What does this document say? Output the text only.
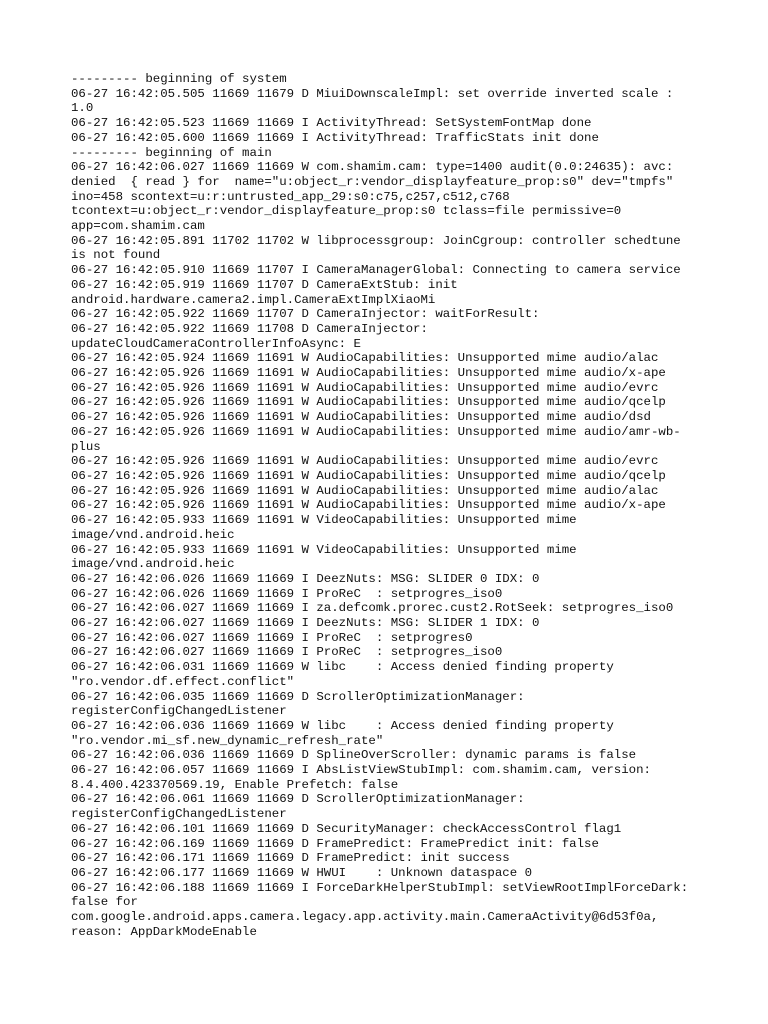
--------- beginning of system
06-27 16:42:05.505 11669 11679 D MiuiDownscaleImpl: set override inverted scale :
1.0
06-27 16:42:05.523 11669 11669 I ActivityThread: SetSystemFontMap done
06-27 16:42:05.600 11669 11669 I ActivityThread: TrafficStats init done
--------- beginning of main
06-27 16:42:06.027 11669 11669 W com.shamim.cam: type=1400 audit(0.0:24635): avc:
denied  { read } for  name="u:object_r:vendor_displayfeature_prop:s0" dev="tmpfs"
ino=458 scontext=u:r:untrusted_app_29:s0:c75,c257,c512,c768
tcontext=u:object_r:vendor_displayfeature_prop:s0 tclass=file permissive=0
app=com.shamim.cam
06-27 16:42:05.891 11702 11702 W libprocessgroup: JoinCgroup: controller schedtune
is not found
06-27 16:42:05.910 11669 11707 I CameraManagerGlobal: Connecting to camera service
06-27 16:42:05.919 11669 11707 D CameraExtStub: init
android.hardware.camera2.impl.CameraExtImplXiaoMi
06-27 16:42:05.922 11669 11707 D CameraInjector: waitForResult:
06-27 16:42:05.922 11669 11708 D CameraInjector:
updateCloudCameraControllerInfoAsync: E
06-27 16:42:05.924 11669 11691 W AudioCapabilities: Unsupported mime audio/alac
06-27 16:42:05.926 11669 11691 W AudioCapabilities: Unsupported mime audio/x-ape
06-27 16:42:05.926 11669 11691 W AudioCapabilities: Unsupported mime audio/evrc
06-27 16:42:05.926 11669 11691 W AudioCapabilities: Unsupported mime audio/qcelp
06-27 16:42:05.926 11669 11691 W AudioCapabilities: Unsupported mime audio/dsd
06-27 16:42:05.926 11669 11691 W AudioCapabilities: Unsupported mime audio/amr-wb-
plus
06-27 16:42:05.926 11669 11691 W AudioCapabilities: Unsupported mime audio/evrc
06-27 16:42:05.926 11669 11691 W AudioCapabilities: Unsupported mime audio/qcelp
06-27 16:42:05.926 11669 11691 W AudioCapabilities: Unsupported mime audio/alac
06-27 16:42:05.926 11669 11691 W AudioCapabilities: Unsupported mime audio/x-ape
06-27 16:42:05.933 11669 11691 W VideoCapabilities: Unsupported mime
image/vnd.android.heic
06-27 16:42:05.933 11669 11691 W VideoCapabilities: Unsupported mime
image/vnd.android.heic
06-27 16:42:06.026 11669 11669 I DeezNuts: MSG: SLIDER 0 IDX: 0
06-27 16:42:06.026 11669 11669 I ProReC  : setprogres_iso0
06-27 16:42:06.027 11669 11669 I za.defcomk.prorec.cust2.RotSeek: setprogres_iso0
06-27 16:42:06.027 11669 11669 I DeezNuts: MSG: SLIDER 1 IDX: 0
06-27 16:42:06.027 11669 11669 I ProReC  : setprogres0
06-27 16:42:06.027 11669 11669 I ProReC  : setprogres_iso0
06-27 16:42:06.031 11669 11669 W libc    : Access denied finding property
"ro.vendor.df.effect.conflict"
06-27 16:42:06.035 11669 11669 D ScrollerOptimizationManager:
registerConfigChangedListener
06-27 16:42:06.036 11669 11669 W libc    : Access denied finding property
"ro.vendor.mi_sf.new_dynamic_refresh_rate"
06-27 16:42:06.036 11669 11669 D SplineOverScroller: dynamic params is false
06-27 16:42:06.057 11669 11669 I AbsListViewStubImpl: com.shamim.cam, version:
8.4.400.423370569.19, Enable Prefetch: false
06-27 16:42:06.061 11669 11669 D ScrollerOptimizationManager:
registerConfigChangedListener
06-27 16:42:06.101 11669 11669 D SecurityManager: checkAccessControl flag1
06-27 16:42:06.169 11669 11669 D FramePredict: FramePredict init: false
06-27 16:42:06.171 11669 11669 D FramePredict: init success
06-27 16:42:06.177 11669 11669 W HWUI    : Unknown dataspace 0
06-27 16:42:06.188 11669 11669 I ForceDarkHelperStubImpl: setViewRootImplForceDark:
false for
com.google.android.apps.camera.legacy.app.activity.main.CameraActivity@6d53f0a,
reason: AppDarkModeEnable
